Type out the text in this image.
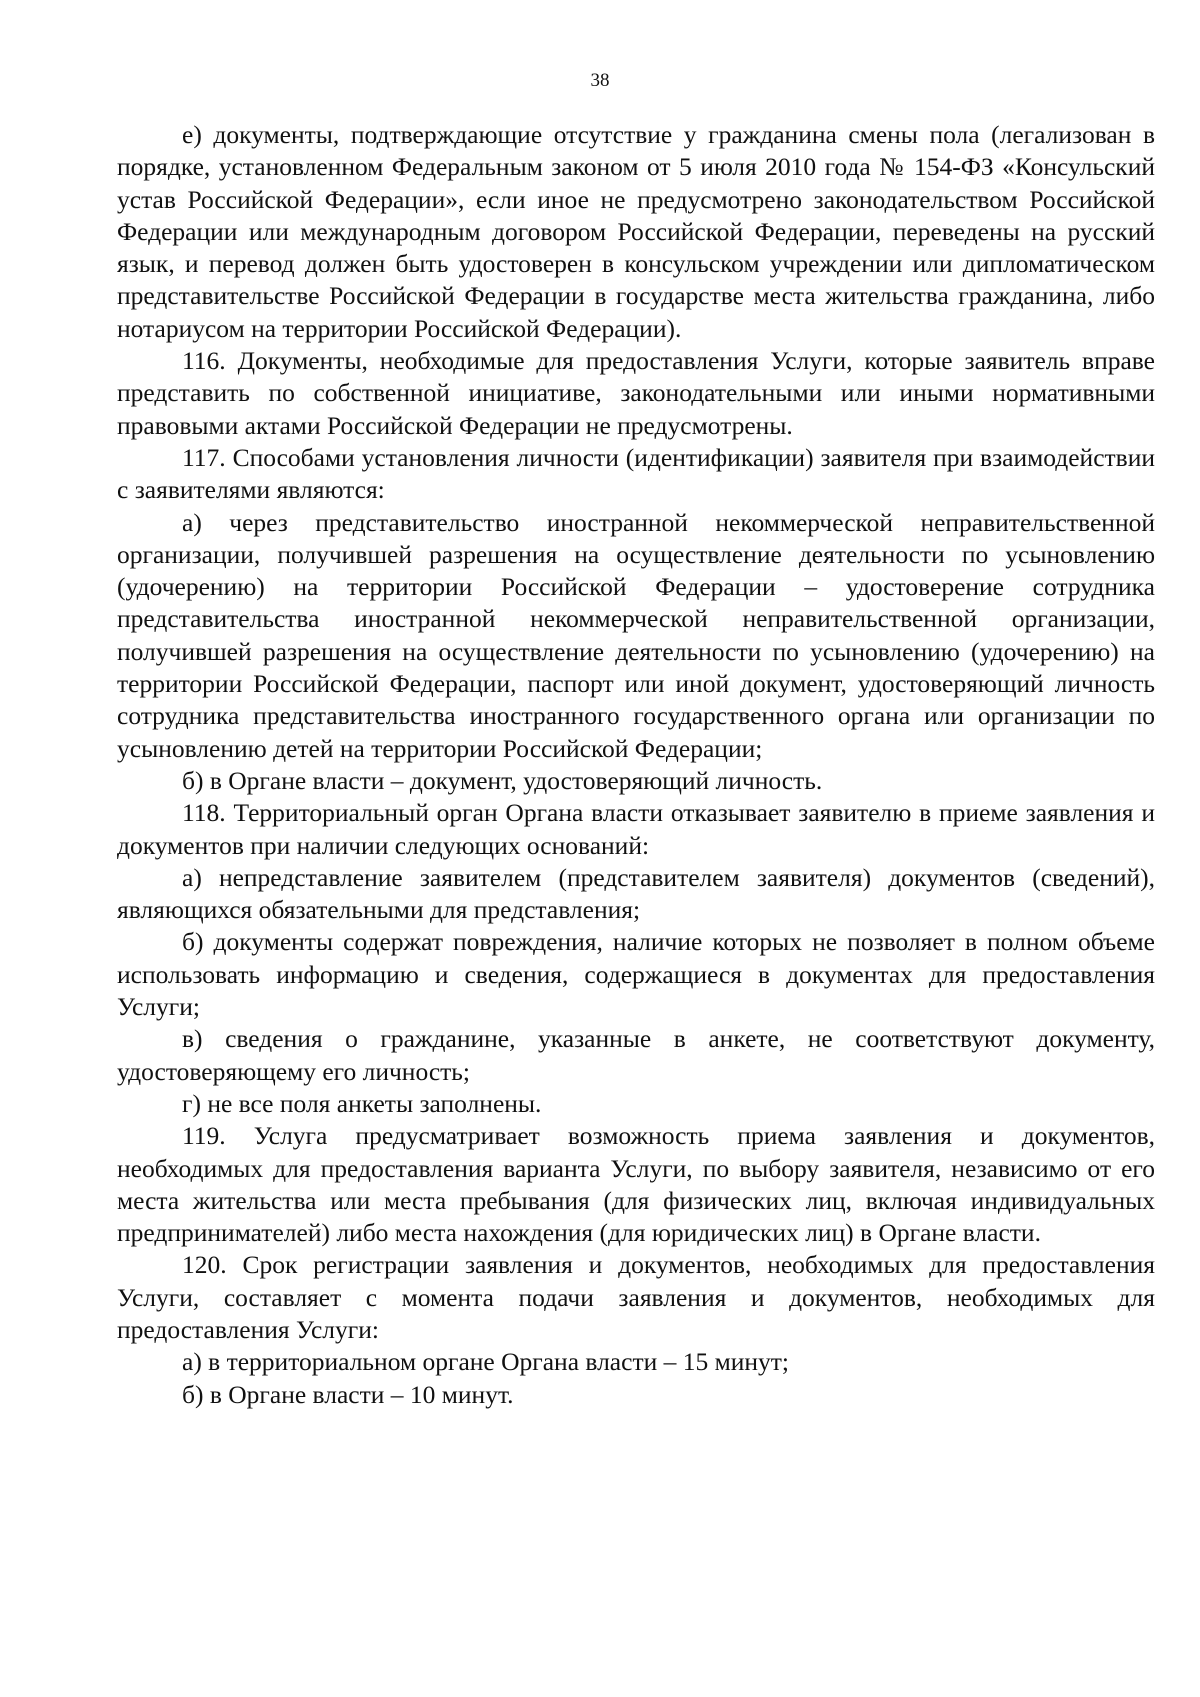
38

е) документы, подтверждающие отсутствие у гражданина смены пола (легализован в порядке, установленном Федеральным законом от 5 июля 2010 года № 154-ФЗ «Консульский устав Российской Федерации», если иное не предусмотрено законодательством Российской Федерации или международным договором Российской Федерации, переведены на русский язык, и перевод должен быть удостоверен в консульском учреждении или дипломатическом представительстве Российской Федерации в государстве места жительства гражданина, либо нотариусом на территории Российской Федерации).

116. Документы, необходимые для предоставления Услуги, которые заявитель вправе представить по собственной инициативе, законодательными или иными нормативными правовыми актами Российской Федерации не предусмотрены.

117. Способами установления личности (идентификации) заявителя при взаимодействии с заявителями являются:

а) через представительство иностранной некоммерческой неправительственной организации, получившей разрешения на осуществление деятельности по усыновлению (удочерению) на территории Российской Федерации – удостоверение сотрудника представительства иностранной некоммерческой неправительственной организации, получившей разрешения на осуществление деятельности по усыновлению (удочерению) на территории Российской Федерации, паспорт или иной документ, удостоверяющий личность сотрудника представительства иностранного государственного органа или организации по усыновлению детей на территории Российской Федерации;

б) в Органе власти – документ, удостоверяющий личность.

118. Территориальный орган Органа власти отказывает заявителю в приеме заявления и документов при наличии следующих оснований:

а) непредставление заявителем (представителем заявителя) документов (сведений), являющихся обязательными для представления;

б) документы содержат повреждения, наличие которых не позволяет в полном объеме использовать информацию и сведения, содержащиеся в документах для предоставления Услуги;

в) сведения о гражданине, указанные в анкете, не соответствуют документу, удостоверяющему его личность;

г) не все поля анкеты заполнены.

119. Услуга предусматривает возможность приема заявления и документов, необходимых для предоставления варианта Услуги, по выбору заявителя, независимо от его места жительства или места пребывания (для физических лиц, включая индивидуальных предпринимателей) либо места нахождения (для юридических лиц) в Органе власти.

120. Срок регистрации заявления и документов, необходимых для предоставления Услуги, составляет с момента подачи заявления и документов, необходимых для предоставления Услуги:

а) в территориальном органе Органа власти – 15 минут;

б) в Органе власти – 10 минут.
